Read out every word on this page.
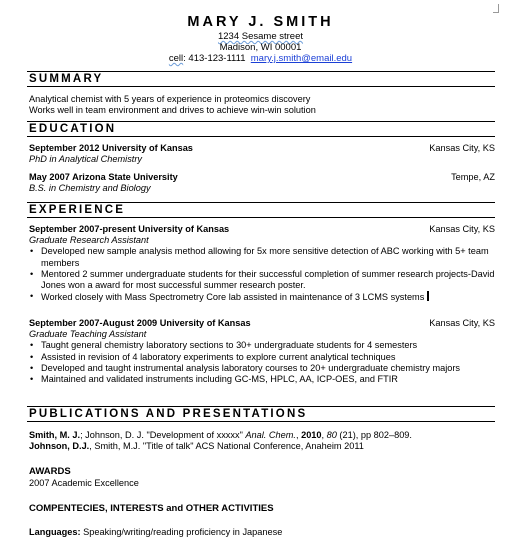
MARY J. SMITH
1234 Sesame street
Madison, WI 00001
cell: 413-123-1111 mary.j.smith@email.edu
SUMMARY
Analytical chemist with 5 years of experience in proteomics discovery
Works well in team environment and drives to achieve win-win solution
EDUCATION
September 2012 University of Kansas	Kansas City, KS
PhD in Analytical Chemistry
May 2007 Arizona State University	Tempe, AZ
B.S. in Chemistry and Biology
EXPERIENCE
September 2007-present University of Kansas	Kansas City, KS
Graduate Research Assistant
• Developed new sample analysis method allowing for 5x more sensitive detection of ABC working with 5+ team members
• Mentored 2 summer undergraduate students for their successful completion of summer research projects-David Jones won a award for most successful summer research poster.
• Worked closely with Mass Spectrometry Core lab assisted in maintenance of 3 LCMS systems
September 2007-August 2009 University of Kansas	Kansas City, KS
Graduate Teaching Assistant
• Taught general chemistry laboratory sections to 30+ undergraduate students for 4 semesters
• Assisted in revision of 4 laboratory experiments to explore current analytical techniques
• Developed and taught instrumental analysis laboratory courses to 20+ undergraduate chemistry majors
• Maintained and validated instruments including GC-MS, HPLC, AA, ICP-OES, and FTIR
PUBLICATIONS AND PRESENTATIONS
Smith, M. J.; Johnson, D. J. "Development of xxxxx" Anal. Chem., 2010, 80 (21), pp 802–809.
Johnson, D.J., Smith, M.J. "Title of talk" ACS National Conference, Anaheim 2011
AWARDS
2007 Academic Excellence
COMPENTECIES, INTERESTS and OTHER ACTIVITIES
Languages: Speaking/writing/reading proficiency in Japanese
